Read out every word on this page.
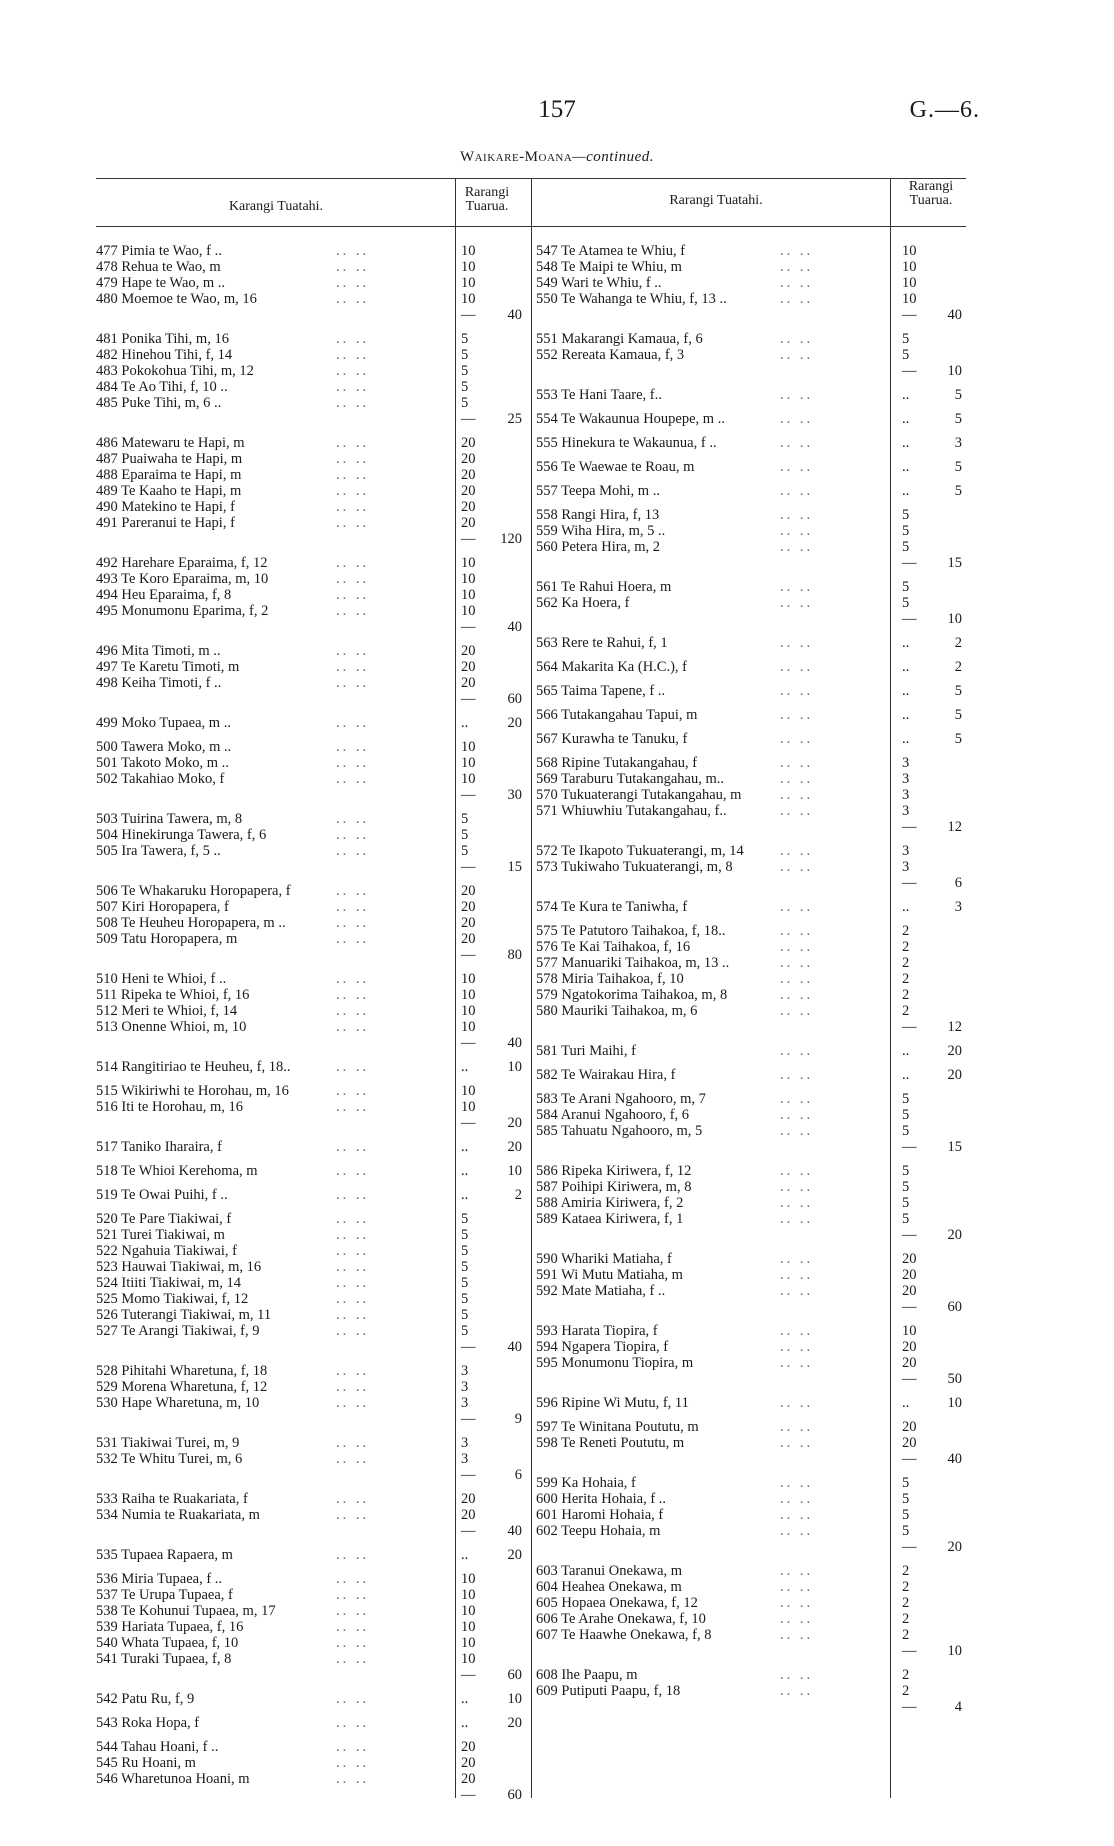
157	G.—6.
Waikare-Moana—continued.
Karangi Tuatahi.
Rarangi Tuarua.	Rarangi Tuatahi.
Rarangi Tuarua.
477 Pimia te Wao, f ..	.. ..	10
478 Rehua te Wao, m	.. ..	10
479 Hape te Wao, m ..	.. ..	10
480 Moemoe te Wao, m, 16	.. ..	10
—	40
481 Ponika Tihi, m, 16	.. ..	5
482 Hinehou Tihi, f, 14	.. ..	5
483 Pokokohua Tihi, m, 12	.. ..	5
484 Te Ao Tihi, f, 10 ..	.. ..	5
485 Puke Tihi, m, 6 ..	.. ..	5
—	25
486 Matewaru te Hapi, m	.. ..	20
487 Puaiwaha te Hapi, m	.. ..	20
488 Eparaima te Hapi, m	.. ..	20
489 Te Kaaho te Hapi, m	.. ..	20
490 Matekino te Hapi, f	.. ..	20
491 Pareranui te Hapi, f	.. ..	20
—	120
492 Harehare Eparaima, f, 12	.. ..	10
493 Te Koro Eparaima, m, 10	.. ..	10
494 Heu Eparaima, f, 8	.. ..	10
495 Monumonu Eparima, f, 2	.. ..	10
—	40
496 Mita Timoti, m ..	.. ..	20
497 Te Karetu Timoti, m	.. ..	20
498 Keiha Timoti, f ..	.. ..	20
—	60
499 Moko Tupaea, m ..	.. ..	..	20
500 Tawera Moko, m ..	.. ..	10
501 Takoto Moko, m ..	.. ..	10
502 Takahiao Moko, f	.. ..	10
—	30
503 Tuirina Tawera, m, 8	.. ..	5
504 Hinekirunga Tawera, f, 6	.. ..	5
505 Ira Tawera, f, 5 ..	.. ..	5
—	15
506 Te Whakaruku Horopapera, f	.. ..	20
507 Kiri Horopapera, f	.. ..	20
508 Te Heuheu Horopapera, m ..	.. ..	20
509 Tatu Horopapera, m	.. ..	20
—	80
510 Heni te Whioi, f ..	.. ..	10
511 Ripeka te Whioi, f, 16	.. ..	10
512 Meri te Whioi, f, 14	.. ..	10
513 Onenne Whioi, m, 10	.. ..	10
—	40
514 Rangitiriao te Heuheu, f, 18..	.. ..	..	10
515 Wikiriwhi te Horohau, m, 16	.. ..	10
516 Iti te Horohau, m, 16	.. ..	10
—	20
517 Taniko Iharaira, f	.. ..	..	20
518 Te Whioi Kerehoma, m	.. ..	..	10
519 Te Owai Puihi, f ..	.. ..	..	2
520 Te Pare Tiakiwai, f	.. ..	5
521 Turei Tiakiwai, m	.. ..	5
522 Ngahuia Tiakiwai, f	.. ..	5
523 Hauwai Tiakiwai, m, 16	.. ..	5
524 Itiiti Tiakiwai, m, 14	.. ..	5
525 Momo Tiakiwai, f, 12	.. ..	5
526 Tuterangi Tiakiwai, m, 11	.. ..	5
527 Te Arangi Tiakiwai, f, 9	.. ..	5
—	40
528 Pihitahi Wharetuna, f, 18	.. ..	3
529 Morena Wharetuna, f, 12	.. ..	3
530 Hape Wharetuna, m, 10	.. ..	3
—	9
531 Tiakiwai Turei, m, 9	.. ..	3
532 Te Whitu Turei, m, 6	.. ..	3
—	6
533 Raiha te Ruakariata, f	.. ..	20
534 Numia te Ruakariata, m	.. ..	20
—	40
535 Tupaea Rapaera, m	.. ..	..	20
536 Miria Tupaea, f ..	.. ..	10
537 Te Urupa Tupaea, f	.. ..	10
538 Te Kohunui Tupaea, m, 17	.. ..	10
539 Hariata Tupaea, f, 16	.. ..	10
540 Whata Tupaea, f, 10	.. ..	10
541 Turaki Tupaea, f, 8	.. ..	10
—	60
542 Patu Ru, f, 9	.. ..	..	10
543 Roka Hopa, f	.. ..	..	20
544 Tahau Hoani, f ..	.. ..	20
545 Ru Hoani, m	.. ..	20
546 Wharetunoa Hoani, m	.. ..	20
—	60
547 Te Atamea te Whiu, f	.. ..	10
548 Te Maipi te Whiu, m	.. ..	10
549 Wari te Whiu, f ..	.. ..	10
550 Te Wahanga te Whiu, f, 13 ..	.. ..	10
—	40
551 Makarangi Kamaua, f, 6	.. ..	5
552 Rereata Kamaua, f, 3	.. ..	5
—	10
553 Te Hani Taare, f..	.. ..	..	5
554 Te Wakaunua Houpepe, m ..	.. ..	..	5
555 Hinekura te Wakaunua, f ..	.. ..	..	3
556 Te Waewae te Roau, m	.. ..	..	5
557 Teepa Mohi, m ..	.. ..	..	5
558 Rangi Hira, f, 13	.. ..	5
559 Wiha Hira, m, 5 ..	.. ..	5
560 Petera Hira, m, 2	.. ..	5
—	15
561 Te Rahui Hoera, m	.. ..	5
562 Ka Hoera, f	.. ..	5
—	10
563 Rere te Rahui, f, 1	.. ..	..	2
564 Makarita Ka (H.C.), f	.. ..	..	2
565 Taima Tapene, f ..	.. ..	..	5
566 Tutakangahau Tapui, m	.. ..	..	5
567 Kurawha te Tanuku, f	.. ..	..	5
568 Ripine Tutakangahau, f	.. ..	3
569 Taraburu Tutakangahau, m..	.. ..	3
570 Tukuaterangi Tutakangahau, m	.. ..	3
571 Whiuwhiu Tutakangahau, f..	.. ..	3
—	12
572 Te Ikapoto Tukuaterangi, m, 14	.. ..	3
573 Tukiwaho Tukuaterangi, m, 8	.. ..	3
—	6
574 Te Kura te Taniwha, f	.. ..	..	3
575 Te Patutoro Taihakoa, f, 18..	.. ..	2
576 Te Kai Taihakoa, f, 16	.. ..	2
577 Manuariki Taihakoa, m, 13 ..	.. ..	2
578 Miria Taihakoa, f, 10	.. ..	2
579 Ngatokorima Taihakoa, m, 8	.. ..	2
580 Mauriki Taihakoa, m, 6	.. ..	2
—	12
581 Turi Maihi, f	.. ..	..	20
582 Te Wairakau Hira, f	.. ..	..	20
583 Te Arani Ngahooro, m, 7	.. ..	5
584 Aranui Ngahooro, f, 6	.. ..	5
585 Tahuatu Ngahooro, m, 5	.. ..	5
—	15
586 Ripeka Kiriwera, f, 12	.. ..	5
587 Poihipi Kiriwera, m, 8	.. ..	5
588 Amiria Kiriwera, f, 2	.. ..	5
589 Kataea Kiriwera, f, 1	.. ..	5
—	20
590 Whariki Matiaha, f	.. ..	20
591 Wi Mutu Matiaha, m	.. ..	20
592 Mate Matiaha, f ..	.. ..	20
—	60
593 Harata Tiopira, f	.. ..	10
594 Ngapera Tiopira, f	.. ..	20
595 Monumonu Tiopira, m	.. ..	20
—	50
596 Ripine Wi Mutu, f, 11	.. ..	..	10
597 Te Winitana Poututu, m	.. ..	20
598 Te Reneti Poututu, m	.. ..	20
—	40
599 Ka Hohaia, f	.. ..	5
600 Herita Hohaia, f ..	.. ..	5
601 Haromi Hohaia, f	.. ..	5
602 Teepu Hohaia, m	.. ..	5
—	20
603 Taranui Onekawa, m	.. ..	2
604 Heahea Onekawa, m	.. ..	2
605 Hopaea Onekawa, f, 12	.. ..	2
606 Te Arahe Onekawa, f, 10	.. ..	2
607 Te Haawhe Onekawa, f, 8	.. ..	2
—	10
608 Ihe Paapu, m	.. ..	2
609 Putiputi Paapu, f, 18	.. ..	2
—	4
